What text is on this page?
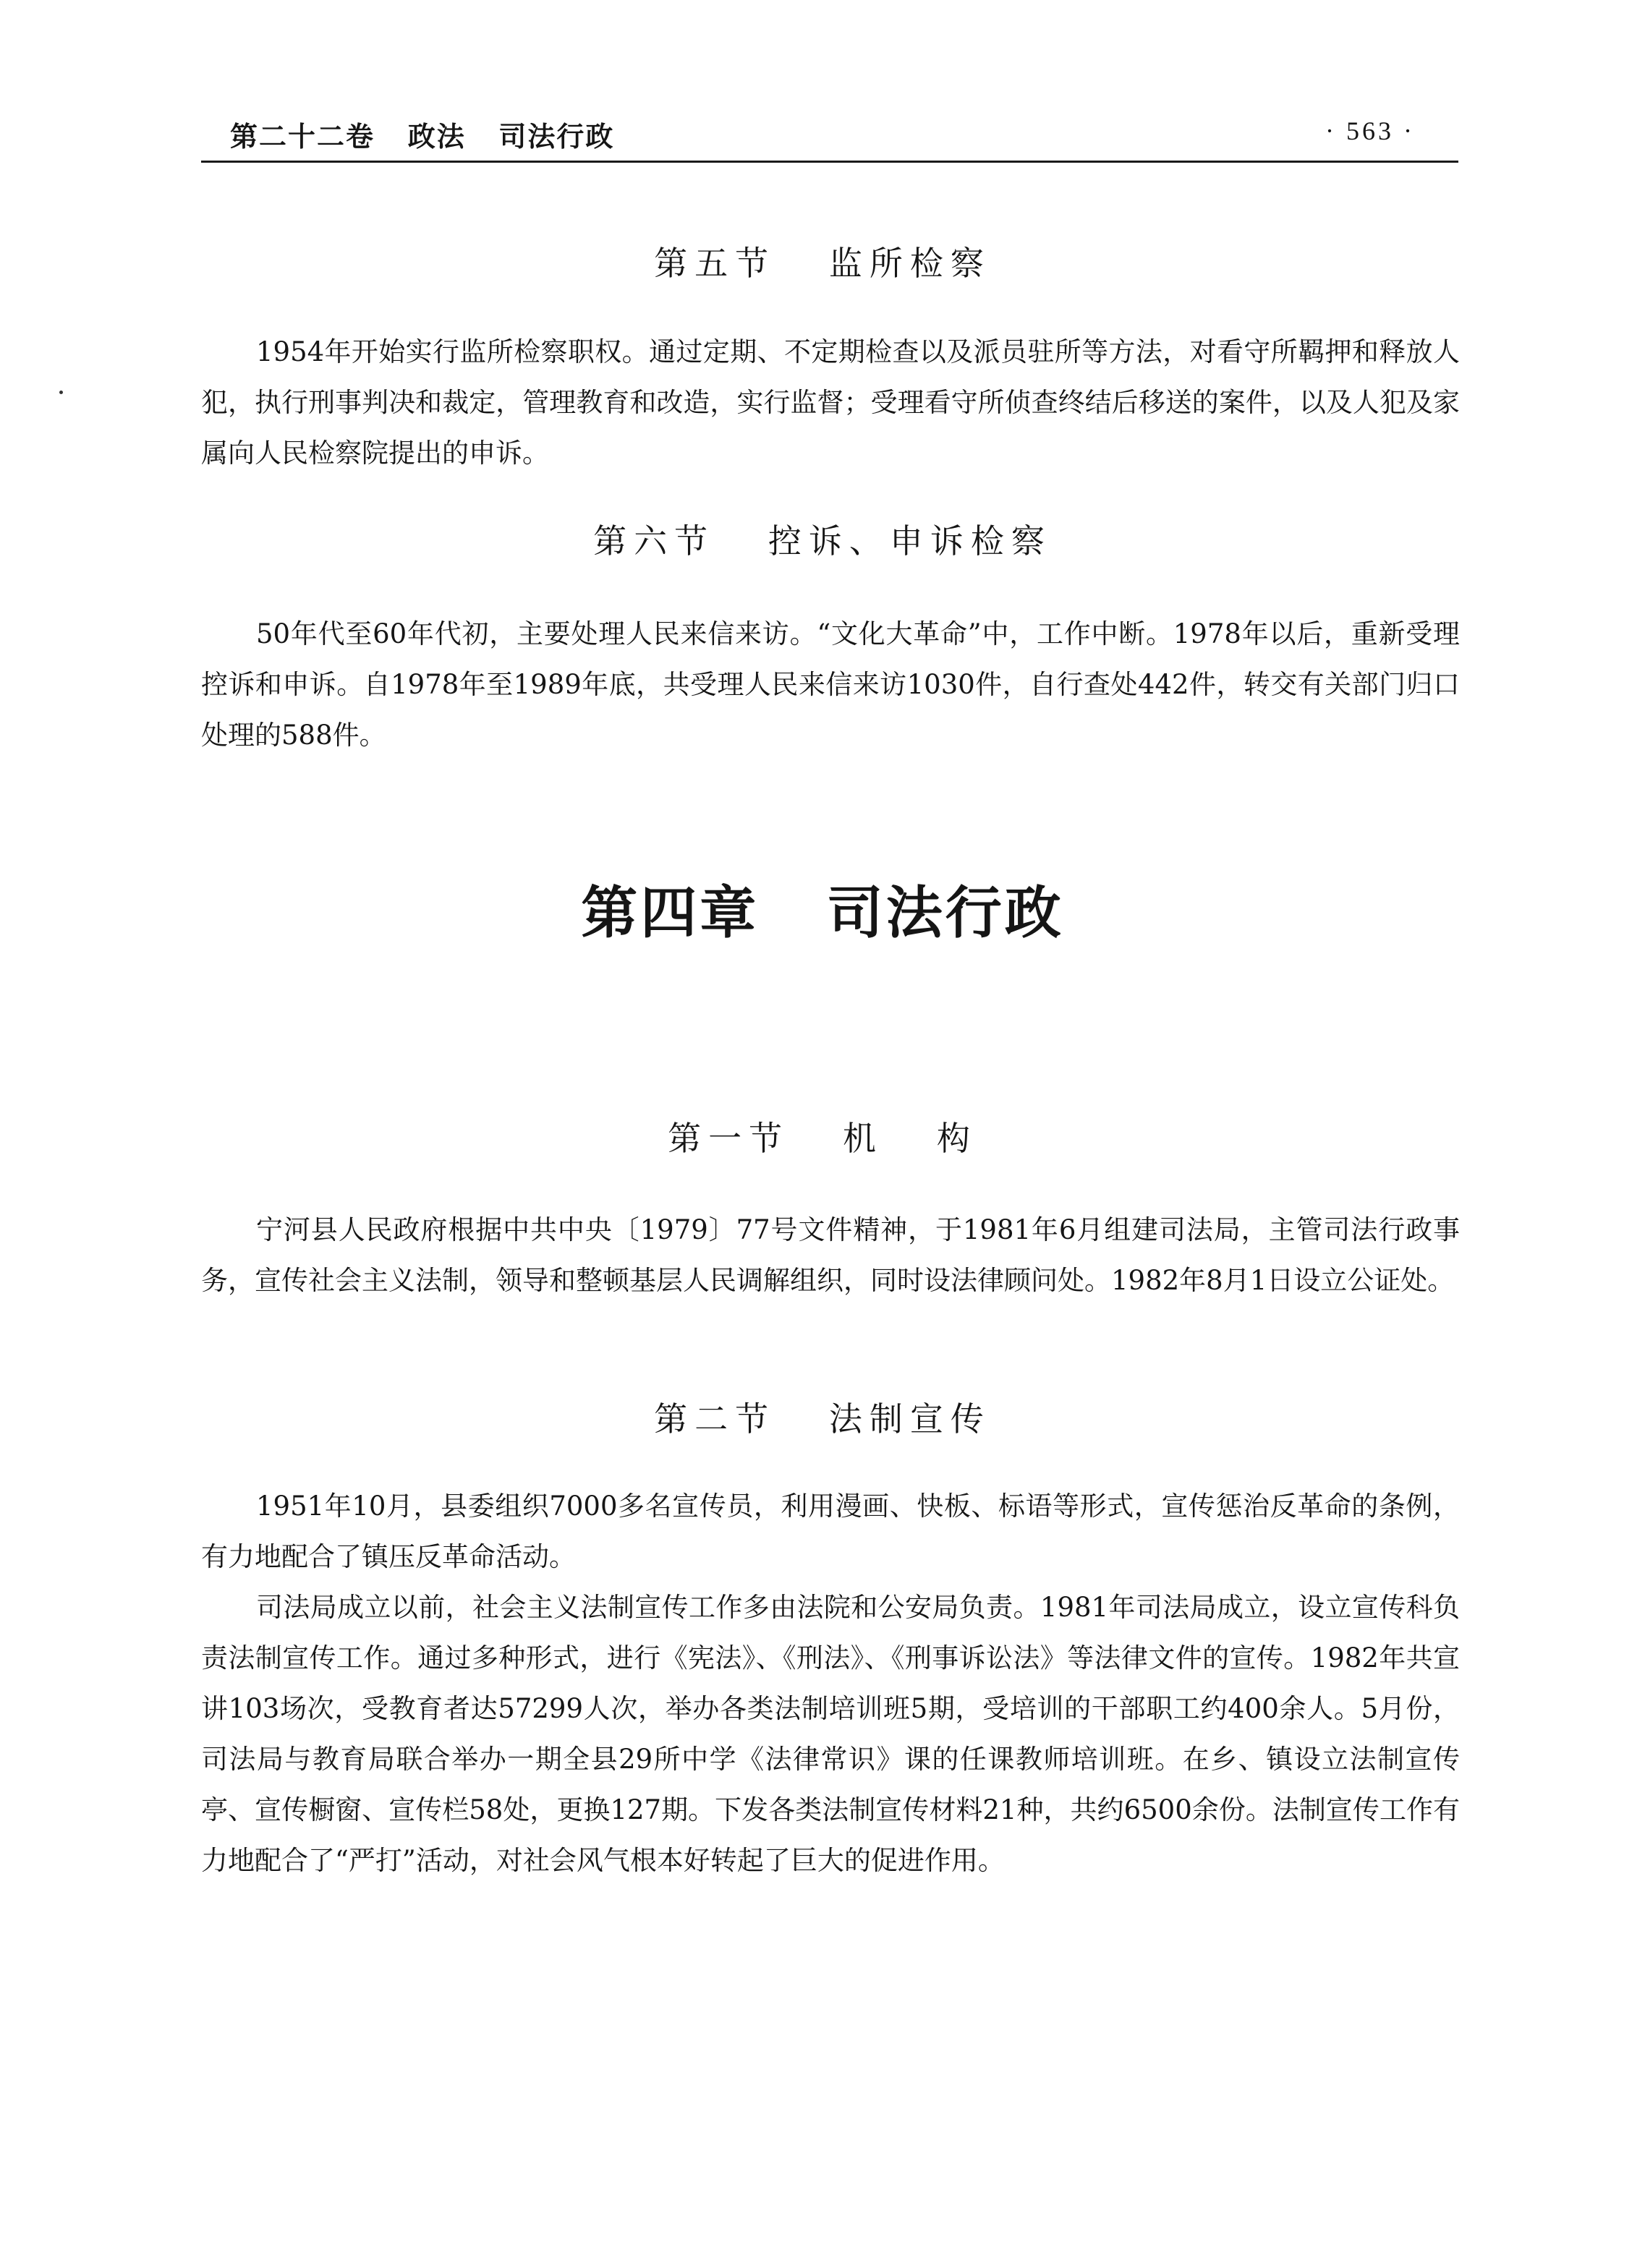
第二十二卷   政法   司法行政	· 563 ·
第五节   监所检察

1954年开始实行监所检察职权。通过定期、不定期检查以及派员驻所等方法，对看守所羁押和释放人犯，执行刑事判决和裁定，管理教育和改造，实行监督；受理看守所侦查终结后移送的案件，以及人犯及家属向人民检察院提出的申诉。

第六节   控诉、申诉检察

50年代至60年代初，主要处理人民来信来访。“文化大革命”中，工作中断。1978年以后，重新受理控诉和申诉。自1978年至1989年底，共受理人民来信来访1030件，自行查处442件，转交有关部门归口处理的588件。

第四章   司法行政
第一节   机   构

宁河县人民政府根据中共中央〔1979〕77号文件精神，于1981年6月组建司法局，主管司法行政事务，宣传社会主义法制，领导和整顿基层人民调解组织，同时设法律顾问处。1982年8月1日设立公证处。

第二节   法制宣传

1951年10月，县委组织7000多名宣传员，利用漫画、快板、标语等形式，宣传惩治反革命的条例，有力地配合了镇压反革命活动。

司法局成立以前，社会主义法制宣传工作多由法院和公安局负责。1981年司法局成立，设立宣传科负责法制宣传工作。通过多种形式，进行《宪法》、《刑法》、《刑事诉讼法》等法律文件的宣传。1982年共宣讲103场次，受教育者达57299人次，举办各类法制培训班5期，受培训的干部职工约400余人。5月份，司法局与教育局联合举办一期全县29所中学《法律常识》课的任课教师培训班。在乡、镇设立法制宣传亭、宣传橱窗、宣传栏58处，更换127期。下发各类法制宣传材料21种，共约6500余份。法制宣传工作有力地配合了“严打”活动，对社会风气根本好转起了巨大的促进作用。
